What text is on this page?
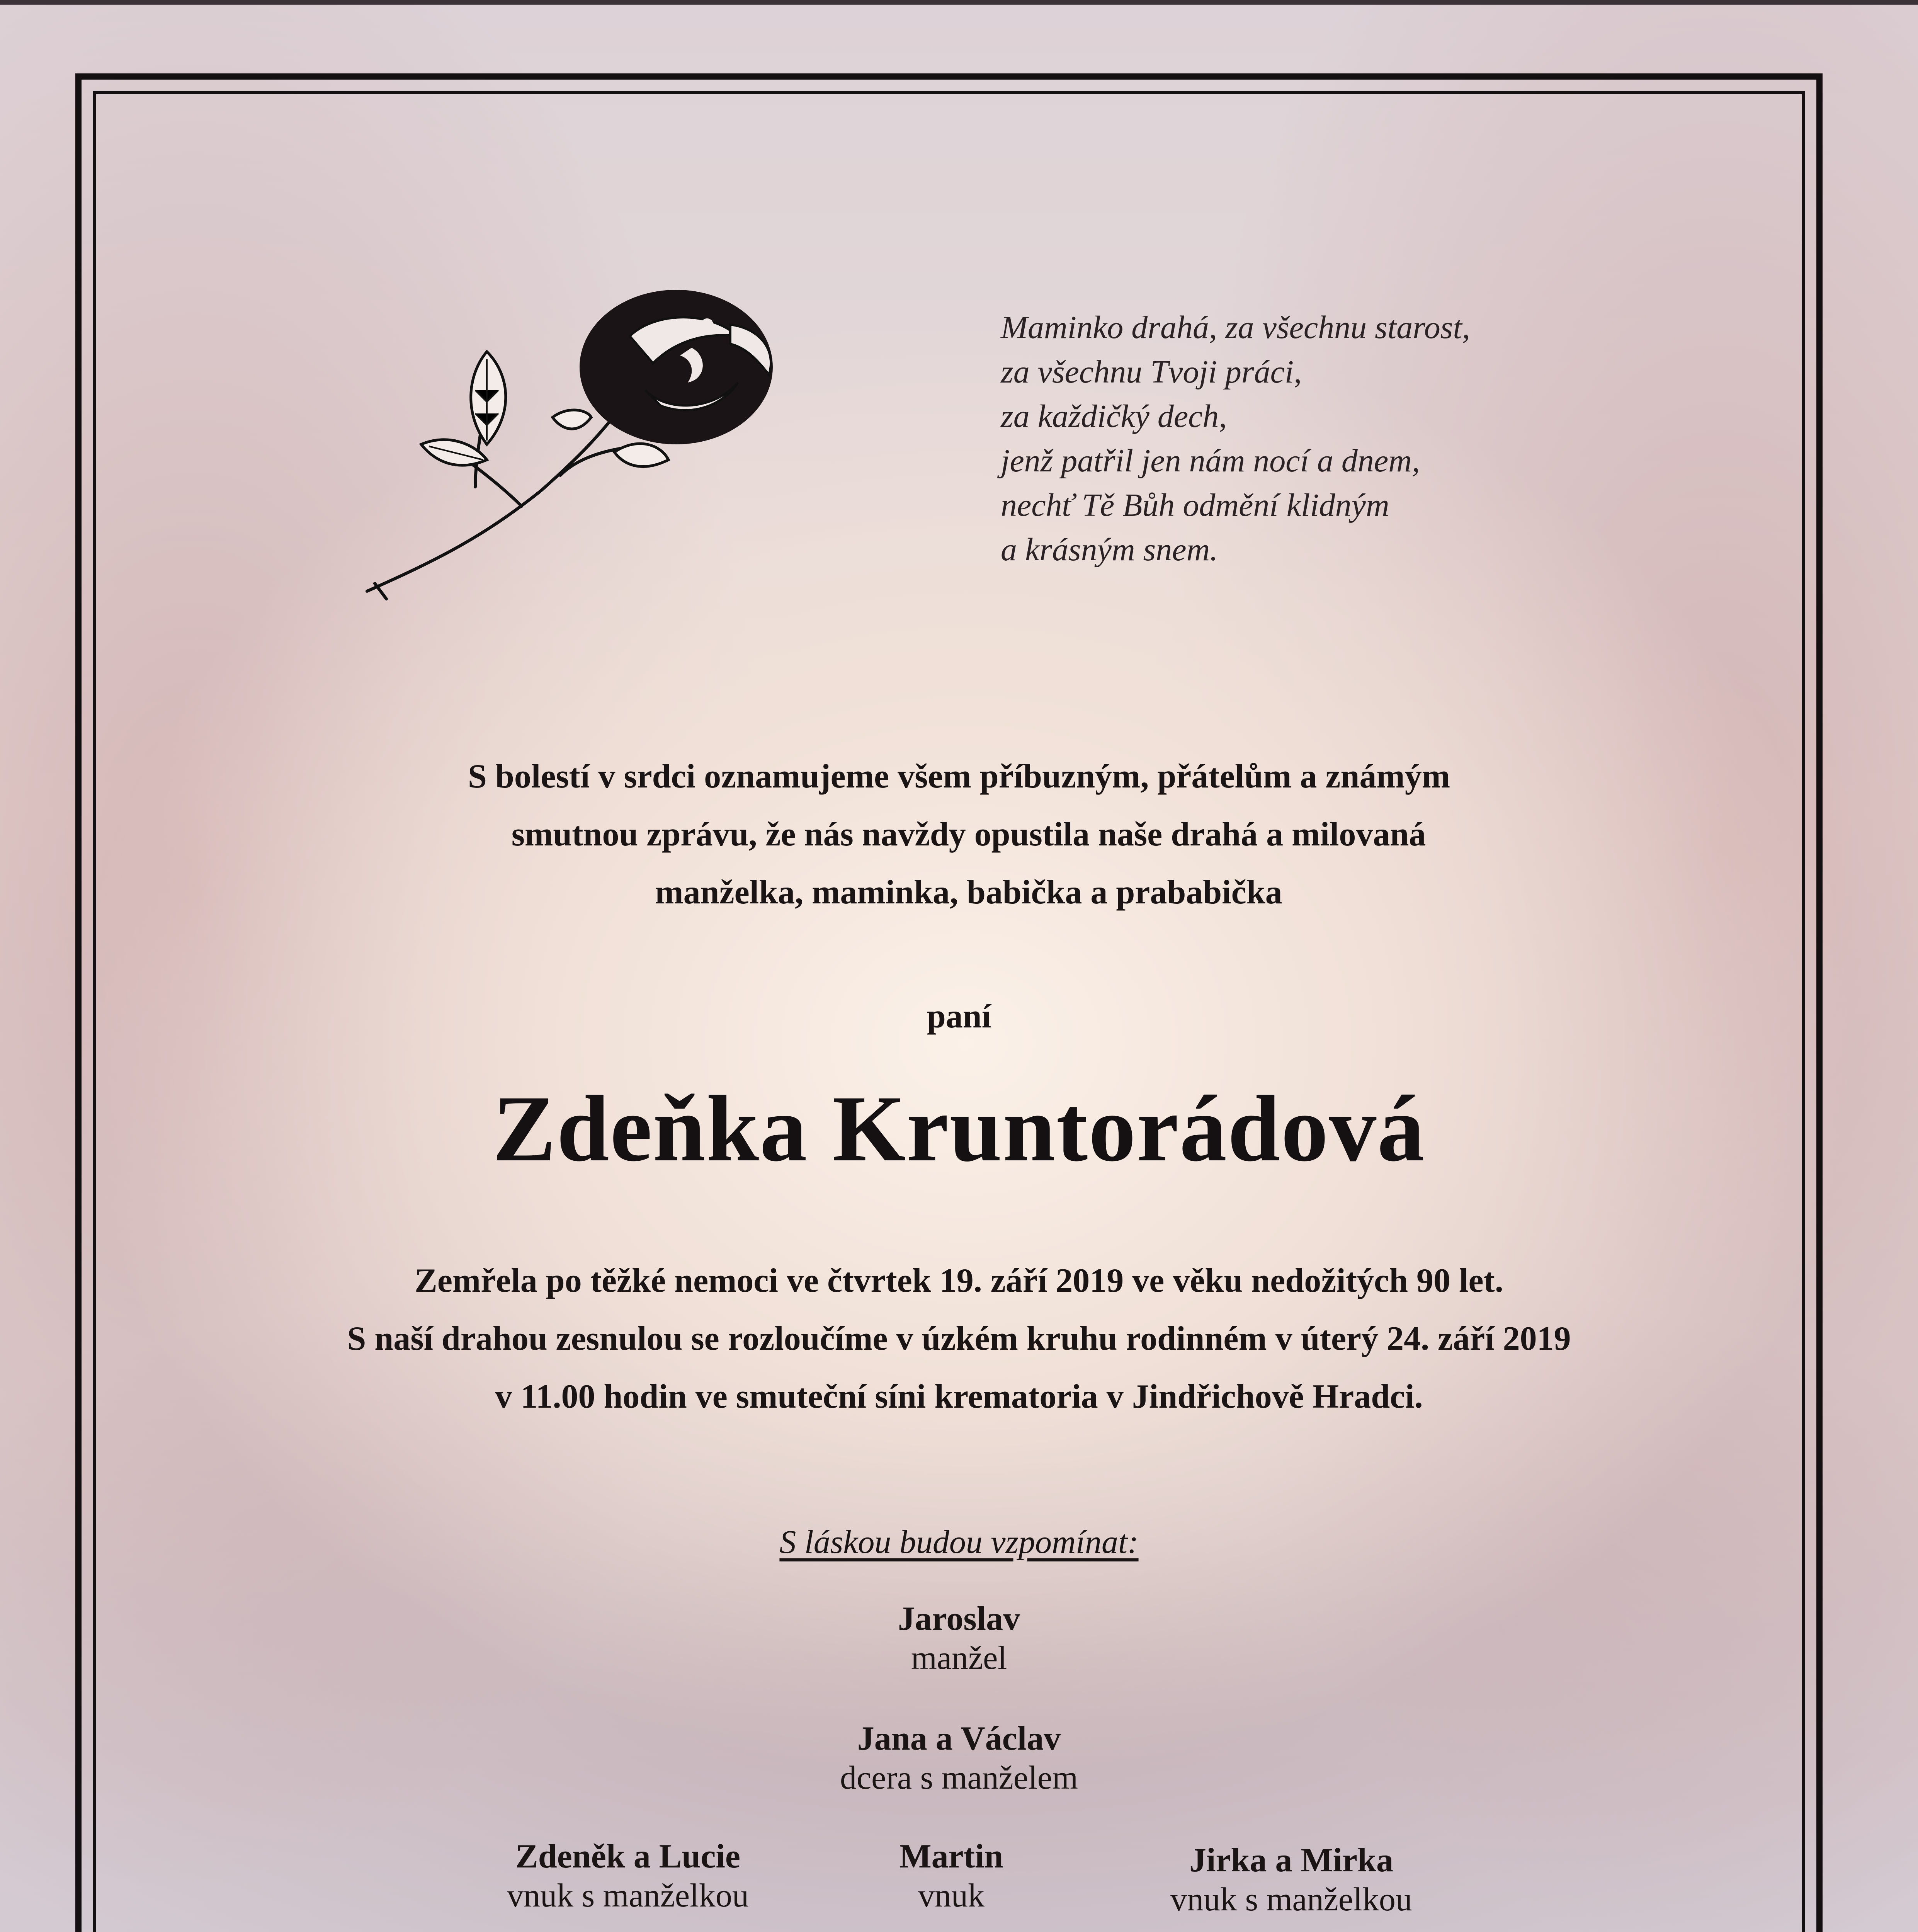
Maminko drahá, za všechnu starost,
za všechnu Tvoji práci,
za každičký dech,
jenž patřil jen nám nocí a dnem,
nechť Tě Bůh odmění klidným
a krásným snem.
S bolestí v srdci oznamujeme všem příbuzným, přátelům a známým
smutnou zprávu, že nás navždy opustila naše drahá a milovaná
manželka, maminka, babička a prababička
paní
Zdeňka Kruntorádová
Zemřela po těžké nemoci ve čtvrtek 19. září 2019 ve věku nedožitých 90 let.
S naší drahou zesnulou se rozloučíme v úzkém kruhu rodinném v úterý 24. září 2019
v 11.00 hodin ve smuteční síni krematoria v Jindřichově Hradci.
S láskou budou vzpomínat:
Jaroslav
manžel
Jana a Václav
dcera s manželem
Zdeněk a Lucie
vnuk s manželkou
Martin
vnuk
Jirka a Mirka
vnuk s manželkou
